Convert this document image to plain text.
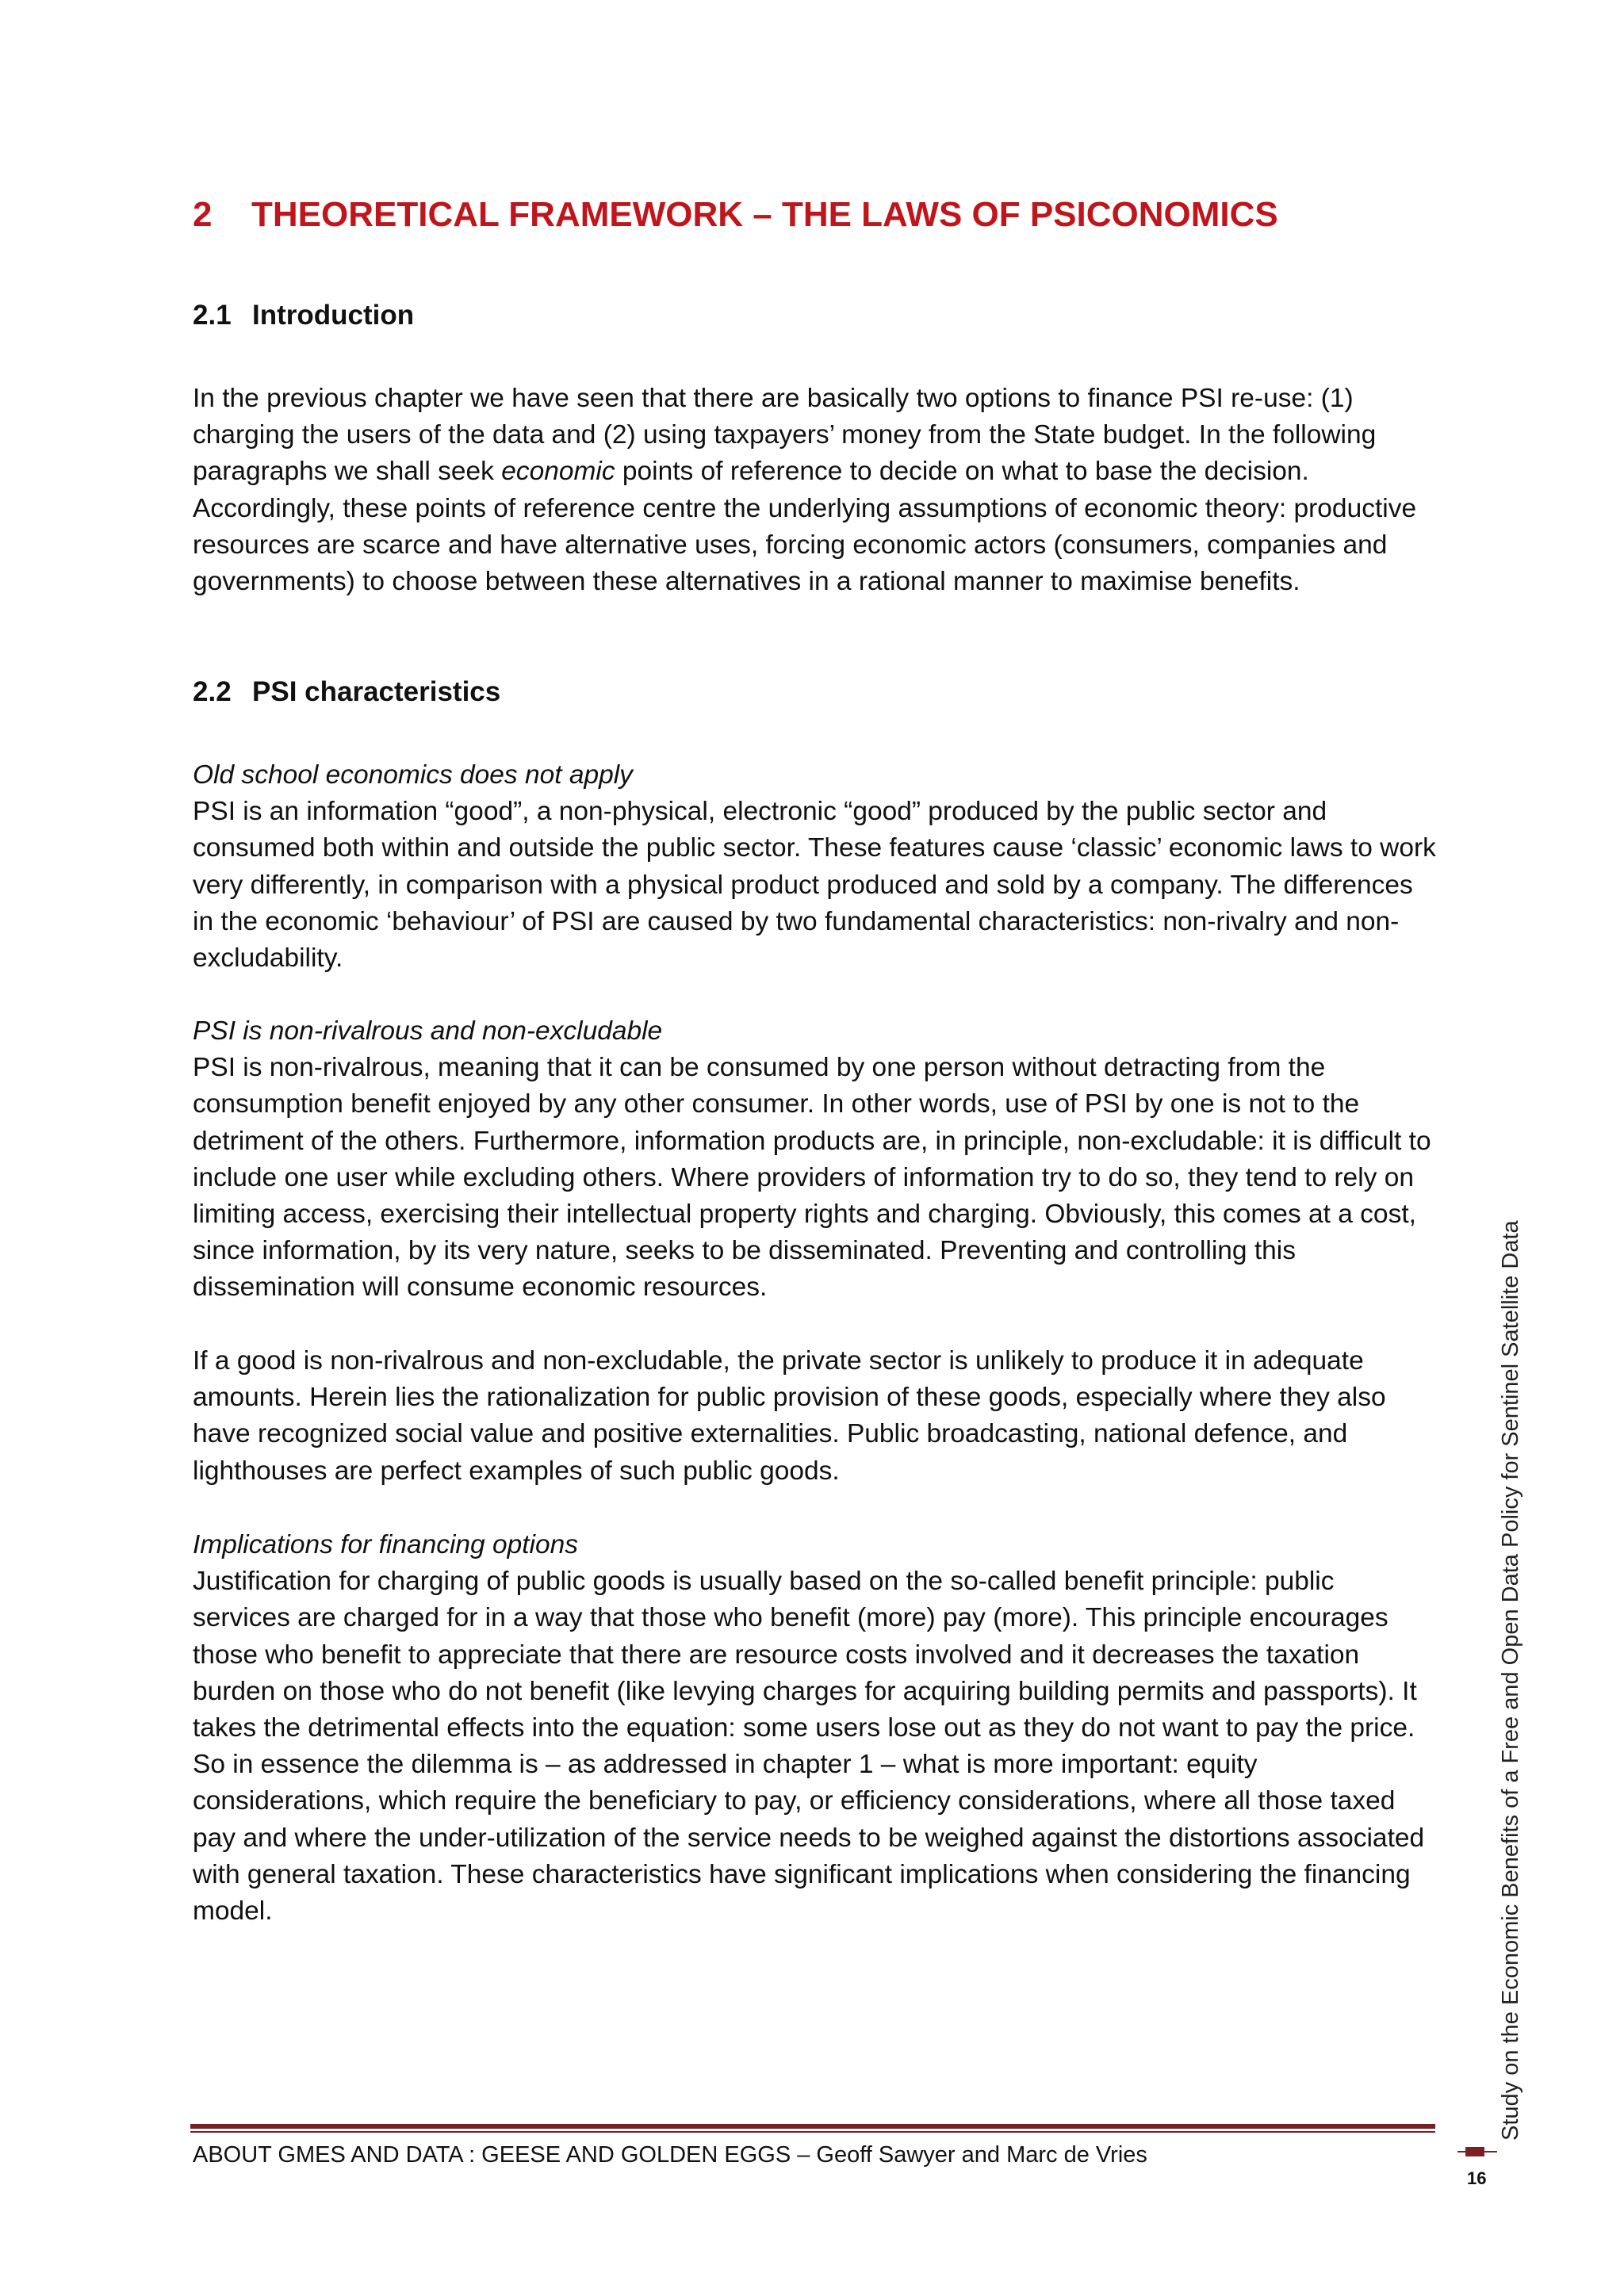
2 THEORETICAL FRAMEWORK – THE LAWS OF PSICONOMICS
2.1 Introduction

In the previous chapter we have seen that there are basically two options to finance PSI re-use: (1) charging the users of the data and (2) using taxpayers’ money from the State budget. In the following paragraphs we shall seek economic points of reference to decide on what to base the decision. Accordingly, these points of reference centre the underlying assumptions of economic theory: productive resources are scarce and have alternative uses, forcing economic actors (consumers, companies and governments) to choose between these alternatives in a rational manner to maximise benefits.

2.2 PSI characteristics

Old school economics does not apply
PSI is an information “good”, a non-physical, electronic “good” produced by the public sector and consumed both within and outside the public sector. These features cause ‘classic’ economic laws to work very differently, in comparison with a physical product produced and sold by a company. The differences in the economic ‘behaviour’ of PSI are caused by two fundamental characteristics: non-rivalry and non-excludability.

PSI is non-rivalrous and non-excludable
PSI is non-rivalrous, meaning that it can be consumed by one person without detracting from the consumption benefit enjoyed by any other consumer. In other words, use of PSI by one is not to the detriment of the others. Furthermore, information products are, in principle, non-excludable: it is difficult to include one user while excluding others. Where providers of information try to do so, they tend to rely on limiting access, exercising their intellectual property rights and charging. Obviously, this comes at a cost, since information, by its very nature, seeks to be disseminated. Preventing and controlling this dissemination will consume economic resources.

If a good is non-rivalrous and non-excludable, the private sector is unlikely to produce it in adequate amounts. Herein lies the rationalization for public provision of these goods, especially where they also have recognized social value and positive externalities. Public broadcasting, national defence, and lighthouses are perfect examples of such public goods.

Implications for financing options
Justification for charging of public goods is usually based on the so-called benefit principle: public services are charged for in a way that those who benefit (more) pay (more). This principle encourages those who benefit to appreciate that there are resource costs involved and it decreases the taxation burden on those who do not benefit (like levying charges for acquiring building permits and passports). It takes the detrimental effects into the equation: some users lose out as they do not want to pay the price. So in essence the dilemma is – as addressed in chapter 1 – what is more important: equity considerations, which require the beneficiary to pay, or efficiency considerations, where all those taxed pay and where the under-utilization of the service needs to be weighed against the distortions associated with general taxation. These characteristics have significant implications when considering the financing model.	Study on the Economic Benefits of a Free and Open Data Policy for Sentinel Satellite Data
ABOUT GMES AND DATA : GEESE AND GOLDEN EGGS – Geoff Sawyer and Marc de Vries
16
